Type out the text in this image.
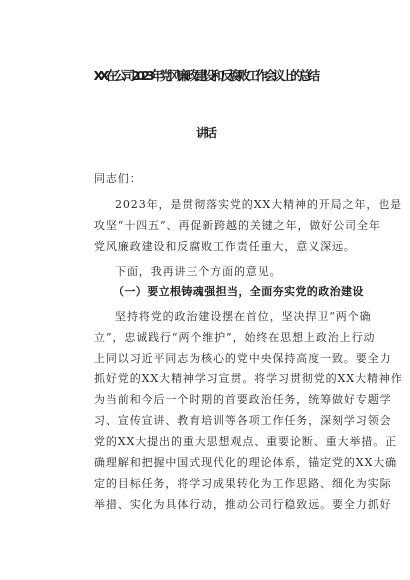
XX在公司2023年党风廉政建设和反腐败工作会议上的总结
讲话
同志们：
2023年，是贯彻落实党的XX大精神的开局之年，也是
攻坚“十四五”、再促新跨越的关键之年，做好公司全年
党风廉政建设和反腐败工作责任重大，意义深远。
下面，我再讲三个方面的意见。
（一）要立根铸魂强担当，全面夯实党的政治建设
坚持将党的政治建设摆在首位，坚决捍卫“两个确
立”，忠诚践行“两个维护”，始终在思想上政治上行动
上同以习近平同志为核心的党中央保持高度一致。要全力
抓好党的XX大精神学习宣贯。将学习贯彻党的XX大精神作
为当前和今后一个时期的首要政治任务，统筹做好专题学
习、宣传宣讲、教育培训等各项工作任务，深刻学习领会
党的XX大提出的重大思想观点、重要论断、重大举措。正
确理解和把握中国式现代化的理论体系，锚定党的XX大确
定的目标任务，将学习成果转化为工作思路、细化为实际
举措、实化为具体行动，推动公司行稳致远。要全力抓好
